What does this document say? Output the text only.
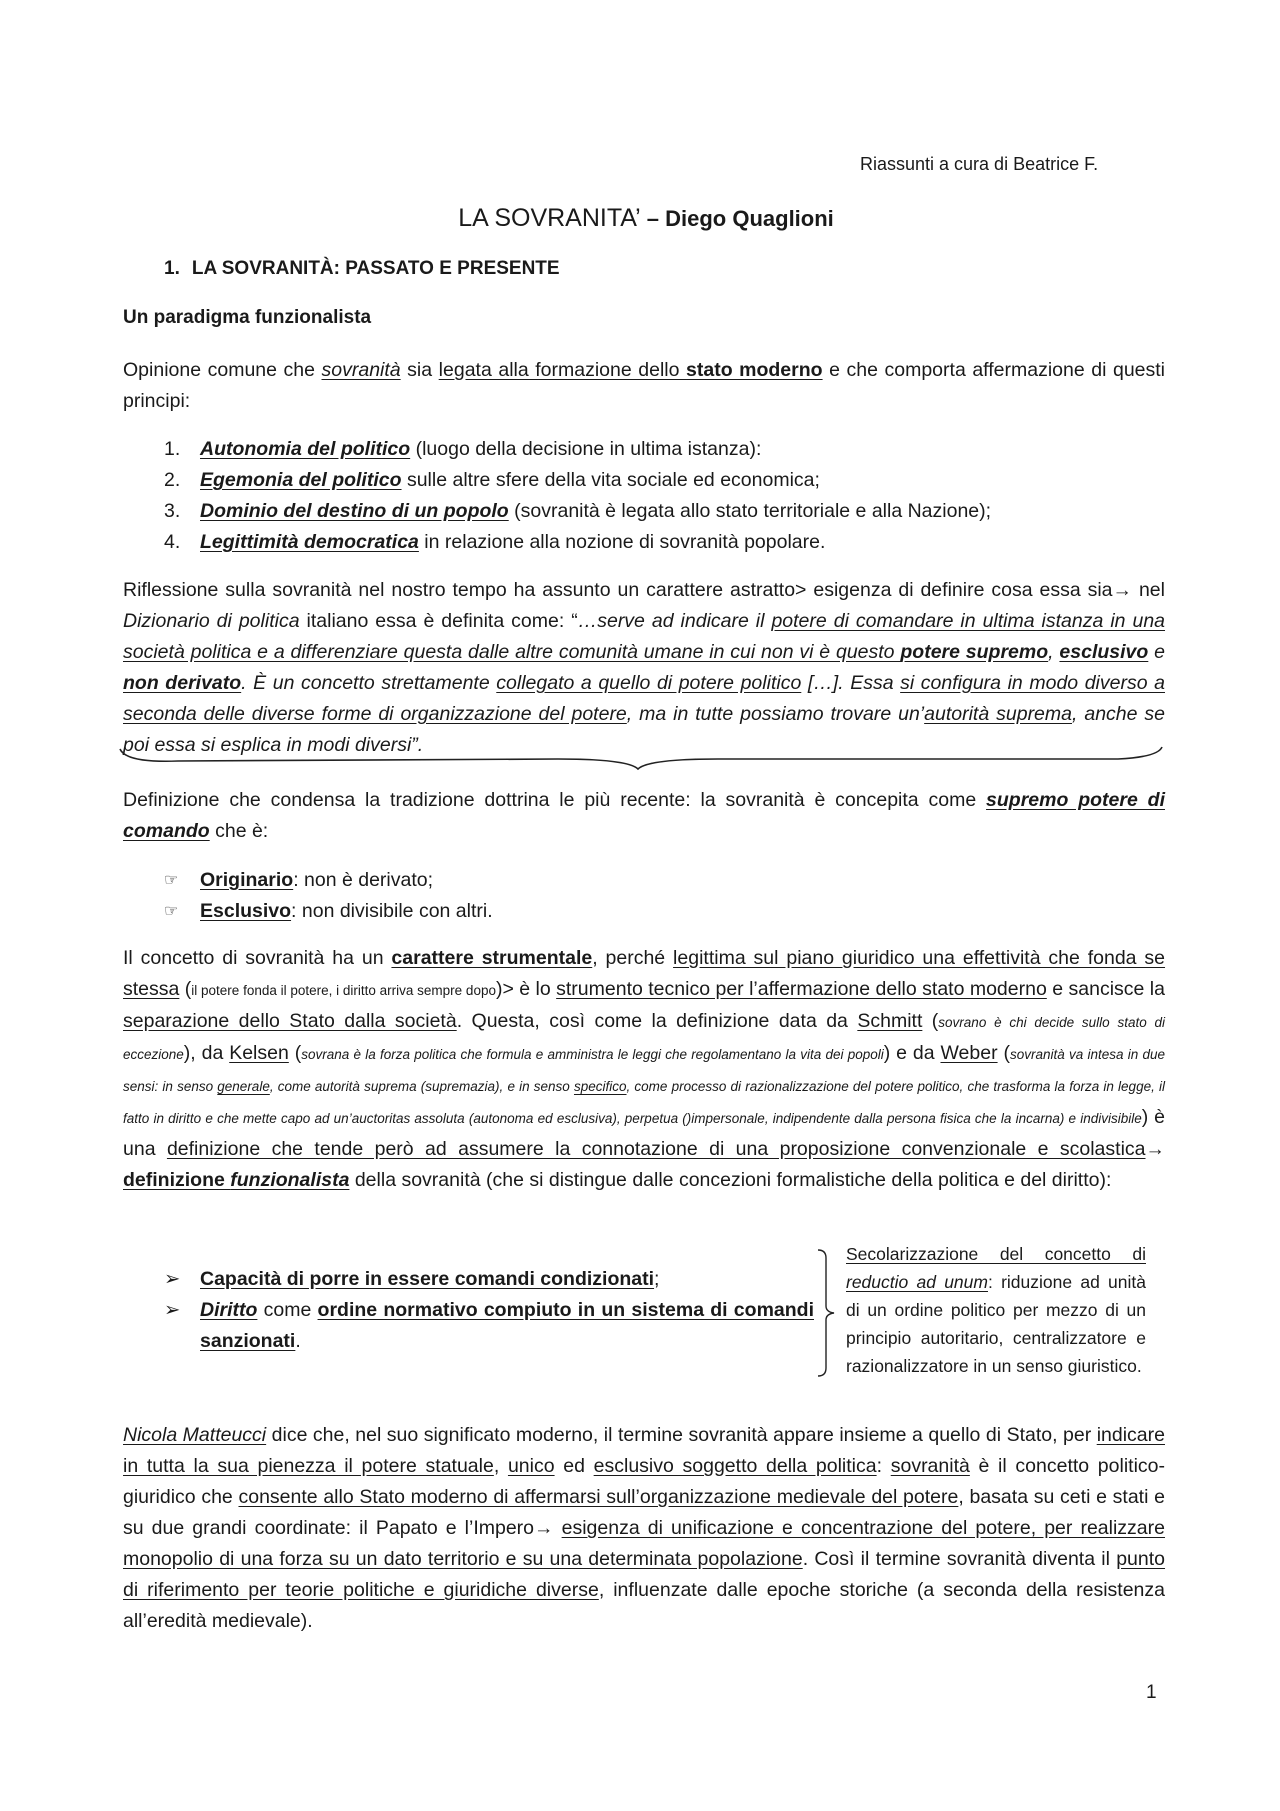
Riassunti a cura di Beatrice F.
LA SOVRANITA’ – Diego Quaglioni
1. LA SOVRANITÀ: PASSATO E PRESENTE
Un paradigma funzionalista
Opinione comune che sovranità sia legata alla formazione dello stato moderno e che comporta affermazione di questi principi:
1. Autonomia del politico (luogo della decisione in ultima istanza):
2. Egemonia del politico sulle altre sfere della vita sociale ed economica;
3. Dominio del destino di un popolo (sovranità è legata allo stato territoriale e alla Nazione);
4. Legittimità democratica in relazione alla nozione di sovranità popolare.
Riflessione sulla sovranità nel nostro tempo ha assunto un carattere astratto> esigenza di definire cosa essa sia→ nel Dizionario di politica italiano essa è definita come: “…serve ad indicare il potere di comandare in ultima istanza in una società politica e a differenziare questa dalle altre comunità umane in cui non vi è questo potere supremo, esclusivo e non derivato. È un concetto strettamente collegato a quello di potere politico […]. Essa si configura in modo diverso a seconda delle diverse forme di organizzazione del potere, ma in tutte possiamo trovare un’autorità suprema, anche se poi essa si esplica in modi diversi”.
Definizione che condensa la tradizione dottrina le più recente: la sovranità è concepita come supremo potere di comando che è:
☞ Originario: non è derivato;
☞ Esclusivo: non divisibile con altri.
Il concetto di sovranità ha un carattere strumentale, perché legittima sul piano giuridico una effettività che fonda se stessa (il potere fonda il potere, i diritto arriva sempre dopo)> è lo strumento tecnico per l’affermazione dello stato moderno e sancisce la separazione dello Stato dalla società. Questa, così come la definizione data da Schmitt (sovrano è chi decide sullo stato di eccezione), da Kelsen (sovrana è la forza politica che formula e amministra le leggi che regolamentano la vita dei popoli) e da Weber (sovranità va intesa in due sensi: in senso generale, come autorità suprema (supremazia), e in senso specifico, come processo di razionalizzazione del potere politico, che trasforma la forza in legge, il fatto in diritto e che mette capo ad un’auctoritas assoluta (autonoma ed esclusiva), perpetua ()impersonale, indipendente dalla persona fisica che la incarna) e indivisibile) è una definizione che tende però ad assumere la connotazione di una proposizione convenzionale e scolastica→ definizione funzionalista della sovranità (che si distingue dalle concezioni formalistiche della politica e del diritto):
➢ Capacità di porre in essere comandi condizionati;
➢ Diritto come ordine normativo compiuto in un sistema di comandi sanzionati.
Secolarizzazione del concetto di reductio ad unum: riduzione ad unità di un ordine politico per mezzo di un principio autoritario, centralizzatore e razionalizzatore in un senso giuristico.
Nicola Matteucci dice che, nel suo significato moderno, il termine sovranità appare insieme a quello di Stato, per indicare in tutta la sua pienezza il potere statuale, unico ed esclusivo soggetto della politica: sovranità è il concetto politico-giuridico che consente allo Stato moderno di affermarsi sull’organizzazione medievale del potere, basata su ceti e stati e su due grandi coordinate: il Papato e l’Impero→ esigenza di unificazione e concentrazione del potere, per realizzare monopolio di una forza su un dato territorio e su una determinata popolazione. Così il termine sovranità diventa il punto di riferimento per teorie politiche e giuridiche diverse, influenzate dalle epoche storiche (a seconda della resistenza all’eredità medievale).
1
